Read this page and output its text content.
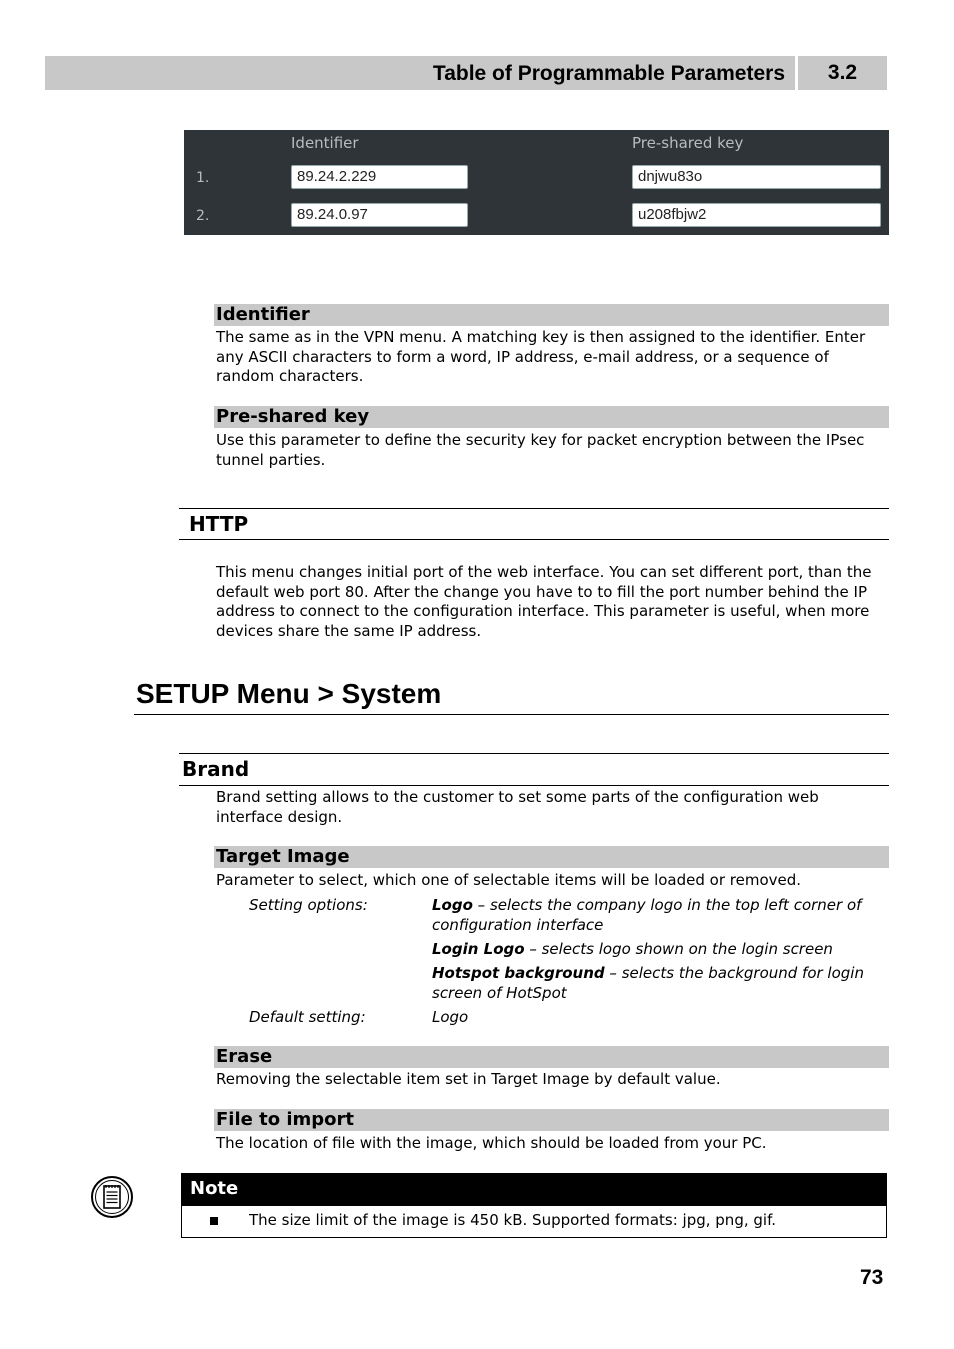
Table of Programmable Parameters	3.2
Identifier	Pre-shared key
1.	89.24.2.229	dnjwu83o
2.	89.24.0.97	u208fbjw2
Identifier
The same as in the VPN menu. A matching key is then assigned to the identifier. Enter any ASCII characters to form a word, IP address, e-mail address, or a sequence of random characters.
Pre-shared key
Use this parameter to define the security key for packet encryption between the IPsec tunnel parties.
HTTP
This menu changes initial port of the web interface. You can set different port, than the default web port 80. After the change you have to to fill the port number behind the IP address to connect to the configuration interface. This parameter is useful, when more devices share the same IP address.
SETUP Menu > System
Brand
Brand setting allows to the customer to set some parts of the configuration web interface design.
Target Image
Parameter to select, which one of selectable items will be loaded or removed.
Setting options:	Logo – selects the company logo in the top left corner of configuration interface
Login Logo – selects logo shown on the login screen
Hotspot background – selects the background for login screen of HotSpot
Default setting:	Logo
Erase
Removing the selectable item set in Target Image by default value.
File to import
The location of file with the image, which should be loaded from your PC.
Note
The size limit of the image is 450 kB. Supported formats: jpg, png, gif.
73
